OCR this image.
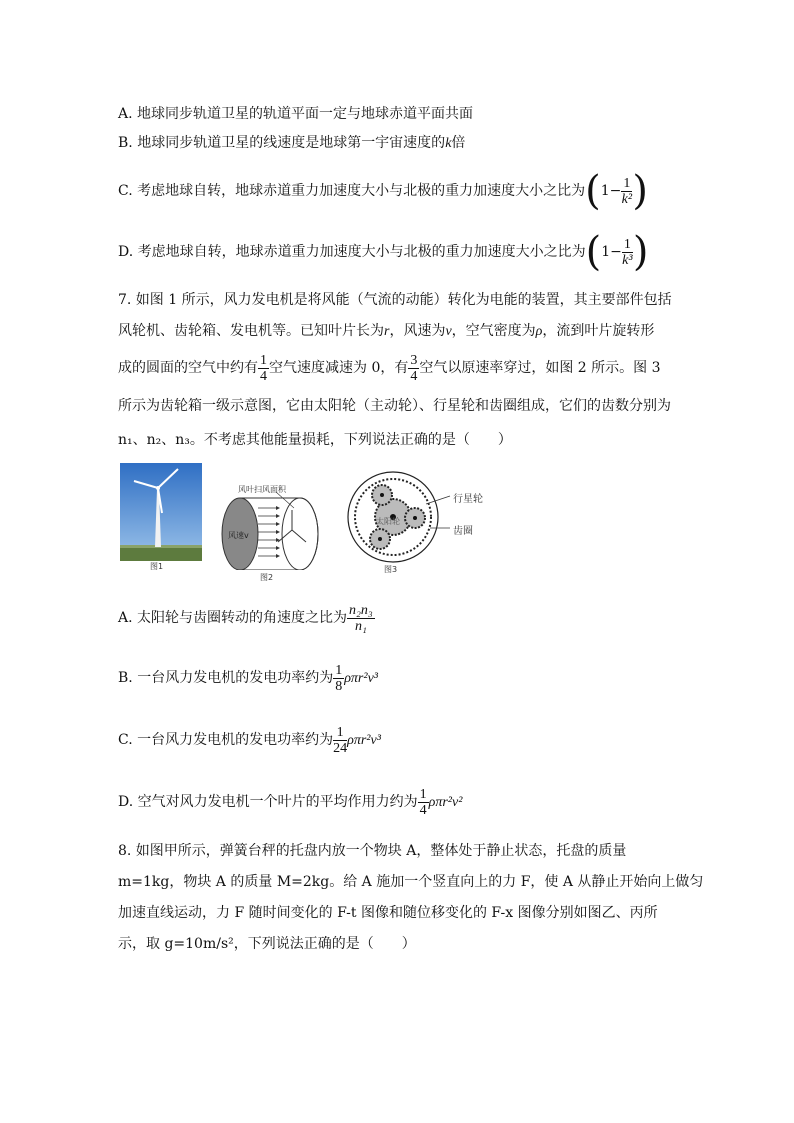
A. 地球同步轨道卫星的轨道平面一定与地球赤道平面共面
B. 地球同步轨道卫星的线速度是地球第一宇宙速度的k倍
C. 考虑地球自转，地球赤道重力加速度大小与北极的重力加速度大小之比为($1- \frac{1}{\text{k²}}$ )
D. 考虑地球自转，地球赤道重力加速度大小与北极的重力加速度大小之比为($1- \frac{1}{\text{k³}}$ )
7. 如图 1 所示，风力发电机是将风能（气流的动能）转化为电能的装置，其主要部件包括
风轮机、齿轮箱、发电机等。已知叶片长为r，风速为v，空气密度为ρ，流到叶片旋转形
成的圆面的空气中约有 $\frac{1}{4}$ 空气速度减速为 0，有 $\frac{3}{4}$ 空气以原速率穿过，如图 2 所示。图 3
所示为齿轮箱一级示意图，它由太阳轮（主动轮）、行星轮和齿圈组成，它们的齿数分别为
n₁、n₂、n₃。不考虑其他能量损耗，下列说法正确的是（　　）
图1
风叶扫风面积
风速v
图2
太阳轮
行星轮
齿圈
图3
A. 太阳轮与齿圈转动的角速度之比为 $\frac{\text{n₂n₃}}{\text{n₁}}$
B. 一台风力发电机的发电功率约为 $\frac{1}{8} \rho\pi r^2v^3$
C. 一台风力发电机的发电功率约为 $\frac{1}{24} \rho\pi r^2v^3$
D. 空气对风力发电机一个叶片的平均作用力约为 $\frac{1}{4} \rho\pi r^2v^2$
8. 如图甲所示，弹簧台秤的托盘内放一个物块 A，整体处于静止状态，托盘的质量
m=1kg，物块 A 的质量 M=2kg。给 A 施加一个竖直向上的力 F，使 A 从静止开始向上做匀
加速直线运动，力 F 随时间变化的 F-t 图像和随位移变化的 F-x 图像分别如图乙、丙所
示，取 g=10m/s²，下列说法正确的是（　　）
